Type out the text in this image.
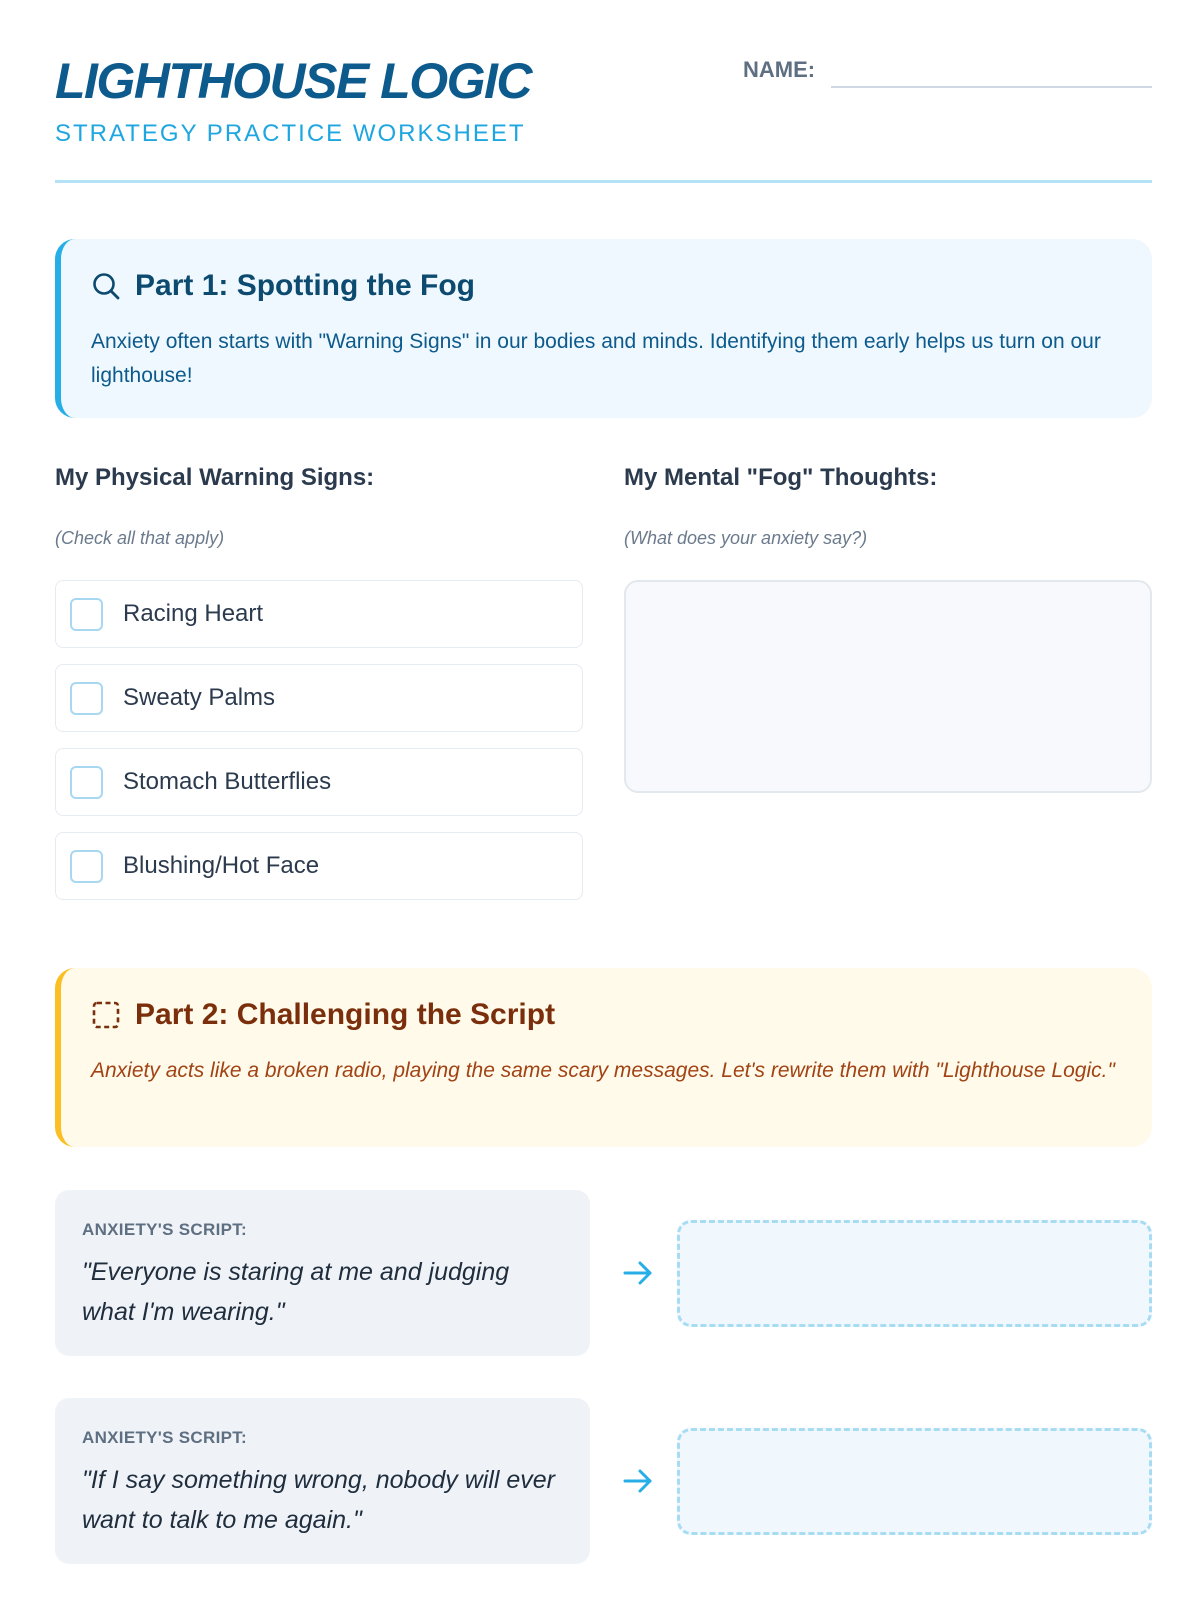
LIGHTHOUSE LOGIC
STRATEGY PRACTICE WORKSHEET
NAME:
Part 1: Spotting the Fog
Anxiety often starts with "Warning Signs" in our bodies and minds. Identifying them early helps us turn on our lighthouse!
My Physical Warning Signs:
(Check all that apply)
Racing Heart
Sweaty Palms
Stomach Butterflies
Blushing/Hot Face
My Mental "Fog" Thoughts:
(What does your anxiety say?)
Part 2: Challenging the Script
Anxiety acts like a broken radio, playing the same scary messages. Let's rewrite them with "Lighthouse Logic."
ANXIETY'S SCRIPT:
"Everyone is staring at me and judging what I'm wearing."
ANXIETY'S SCRIPT:
"If I say something wrong, nobody will ever want to talk to me again."
